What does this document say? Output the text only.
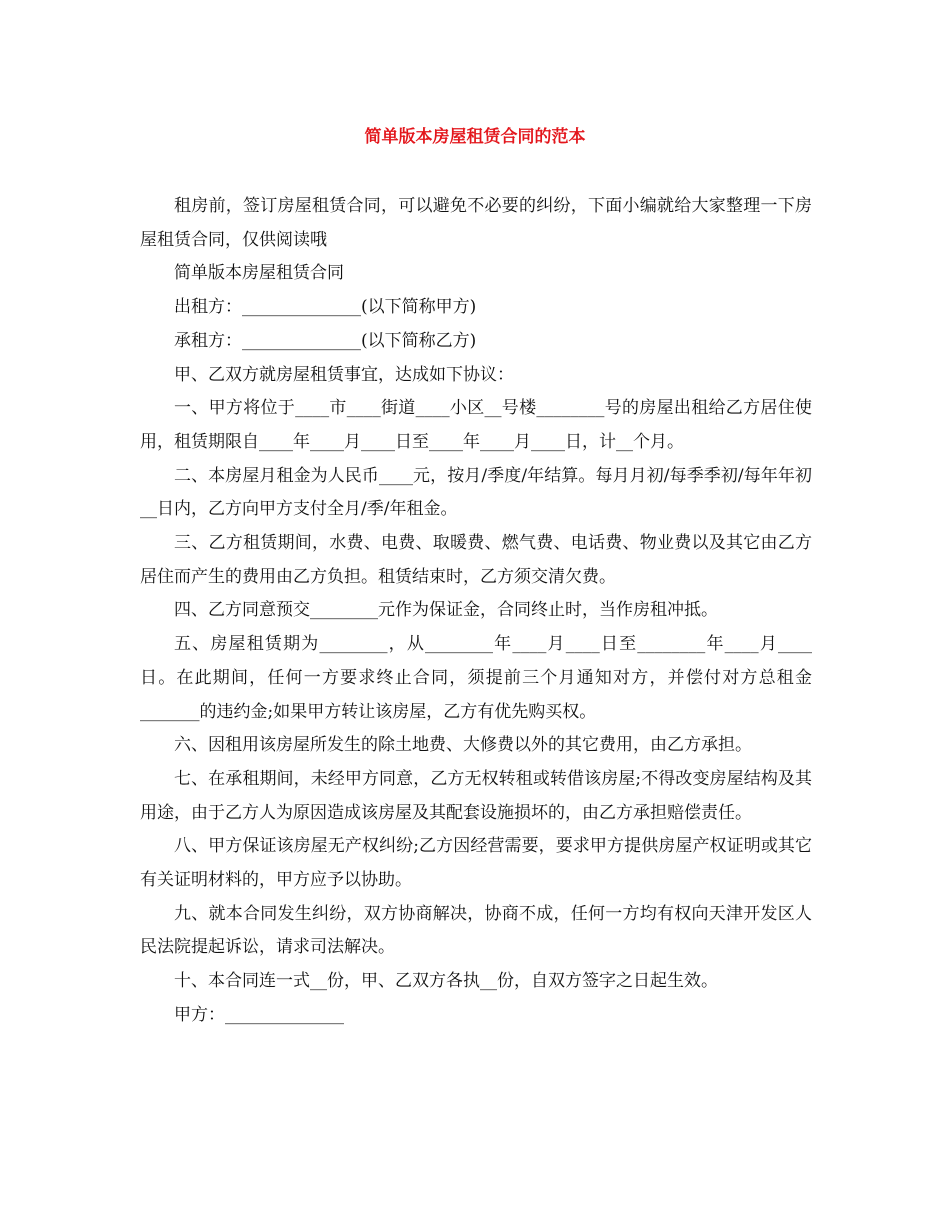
简单版本房屋租赁合同的范本

租房前，签订房屋租赁合同，可以避免不必要的纠纷，下面小编就给大家整理一下房屋租赁合同，仅供阅读哦

简单版本房屋租赁合同

出租方：______________(以下简称甲方)

承租方：______________(以下简称乙方)

甲、乙双方就房屋租赁事宜，达成如下协议：

一、甲方将位于____市____街道____小区__号楼________号的房屋出租给乙方居住使用，租赁期限自____年____月____日至____年____月____日，计__个月。

二、本房屋月租金为人民币____元，按月/季度/年结算。每月月初/每季季初/每年年初__日内，乙方向甲方支付全月/季/年租金。

三、乙方租赁期间，水费、电费、取暖费、燃气费、电话费、物业费以及其它由乙方居住而产生的费用由乙方负担。租赁结束时，乙方须交清欠费。

四、乙方同意预交________元作为保证金，合同终止时，当作房租冲抵。

五、房屋租赁期为________，从________年____月____日至________年____月____日。在此期间，任何一方要求终止合同，须提前三个月通知对方，并偿付对方总租金_______的违约金;如果甲方转让该房屋，乙方有优先购买权。

六、因租用该房屋所发生的除土地费、大修费以外的其它费用，由乙方承担。

七、在承租期间，未经甲方同意，乙方无权转租或转借该房屋;不得改变房屋结构及其用途，由于乙方人为原因造成该房屋及其配套设施损坏的，由乙方承担赔偿责任。

八、甲方保证该房屋无产权纠纷;乙方因经营需要，要求甲方提供房屋产权证明或其它有关证明材料的，甲方应予以协助。

九、就本合同发生纠纷，双方协商解决，协商不成，任何一方均有权向天津开发区人民法院提起诉讼，请求司法解决。

十、本合同连一式__份，甲、乙双方各执__份，自双方签字之日起生效。

甲方：______________
